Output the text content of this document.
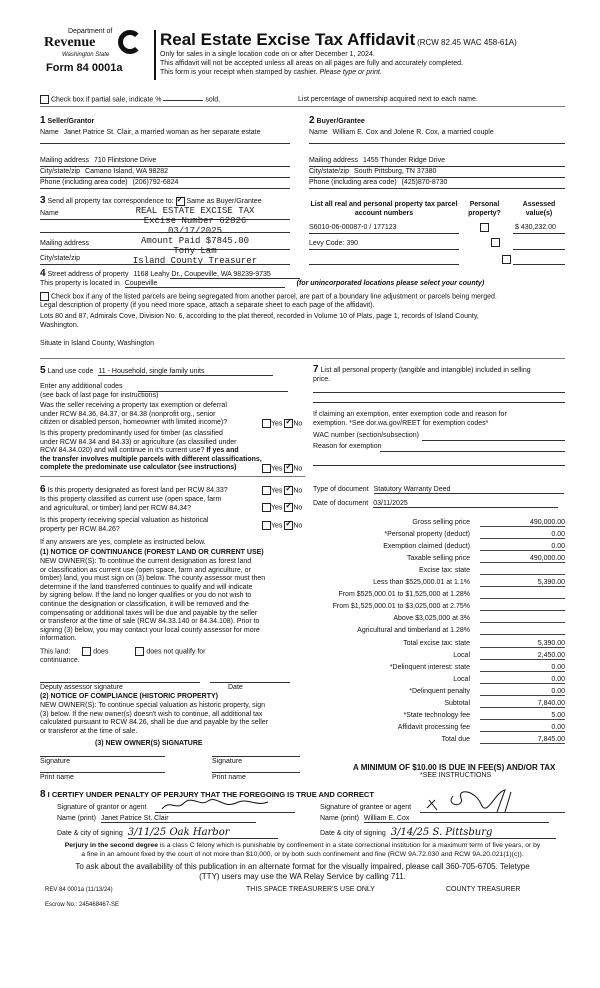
Department of
Revenue
Washington State
Form 84 0001a
Real Estate Excise Tax Affidavit (RCW 82.45 WAC 458-61A)
Only for sales in a single location code on or after December 1, 2024.
This affidavit will not be accepted unless all areas on all pages are fully and accurately completed.
This form is your receipt when stamped by cashier. Please type or print.
Check box if partial sale, indicate %	sold.	List percentage of ownership acquired next to each name.
1 Seller/Grantor
Name Janet Patrice St. Clair, a married woman as her separate estate
Mailing address 710 Flintstone Drive
City/state/zip Camano Island, WA 98282
Phone (including area code) (206)792-6824
2 Buyer/Grantee
Name William E. Cox and Jolene R. Cox, a married couple
Mailing address 1455 Thunder Ridge Drive
City/state/zip South Pittsburg, TN 37380
Phone (including area code) (425)870-8730
3 Send all property tax correspondence to: ✓ Same as Buyer/Grantee
Name
Mailing address
City/state/zip
REAL ESTATE EXCISE TAX
Excise Number 62826
03/17/2025
Amount Paid $7845.00
Tony Lam
Island County Treasurer
List all real and personal property tax parcel account numbers
Personal property?
Assessed value(s)
S6010-06-00087-0 / 177123
	$ 430,232.00
Levy Code: 390

4 Street address of property 1168 Leahy Dr., Coupeville, WA 98239-9735
This property is located in Coupeville	(for unincorporated locations please select your county)
Check box if any of the listed parcels are being segregated from another parcel, are part of a boundary line adjustment or parcels being merged.
Legal description of property (if you need more space, attach a separate sheet to each page of the affidavit).
Lots 80 and 87, Admirals Cove, Division No. 6, according to the plat thereof, recorded in Volume 10 of Plats, page 1, records of Island County,
Washington.
Situate in Island County, Washington
5 Land use code 11 - Household, single family units
Enter any additional codes
(see back of last page for instructions)
Was the seller receiving a property tax exemption or deferral
under RCW 84.36, 84.37, or 84.38 (nonprofit org., senior
citizen or disabled person, homeowner with limited income)?	Yes ✓ No
Is this property predominantly used for timber (as classified
under RCW 84.34 and 84.33) or agriculture (as classified under
RCW 84.34.020) and will continue in it's current use? If yes and
the transfer involves multiple parcels with different classifications,
complete the predominate use calculator (see instructions)	Yes ✓ No
7 List all personal property (tangible and intangible) included in selling
price.
If claiming an exemption, enter exemption code and reason for
exemption. *See dor.wa.gov/REET for exemption codes*
WAC number (section/subsection)
Reason for exemption
6 Is this property designated as forest land per RCW 84.33?	Yes ✓ No
Is this property classified as current use (open space, farm
and agricultural, or timber) land per RCW 84.34?	Yes ✓ No
Is this property receiving special valuation as historical
property per RCW 84.26?	Yes ✓ No
If any answers are yes, complete as instructed below.
(1) NOTICE OF CONTINUANCE (FOREST LAND OR CURRENT USE)
NEW OWNER(S): To continue the current designation as forest land
or classification as current use (open space, farm and agriculture, or
timber) land, you must sign on (3) below. The county assessor must then
determine if the land transferred continues to qualify and will indicate
by signing below. If the land no longer qualifies or you do not wish to
continue the designation or classification, it will be removed and the
compensating or additional taxes will be due and payable by the seller
or transferor at the time of sale (RCW 84.33.140 or 84.34.108). Prior to
signing (3) below, you may contact your local county assessor for more
information.
This land:	does	does not qualify for
continuance.
Deputy assessor signature	Date
(2) NOTICE OF COMPLIANCE (HISTORIC PROPERTY)
NEW OWNER(S): To continue special valuation as historic property, sign
(3) below. If the new owner(s) doesn't wish to continue, all additional tax
calculated pursuant to RCW 84.26, shall be due and payable by the seller
or transferor at the time of sale.
(3) NEW OWNER(S) SIGNATURE
Signature	Signature
Print name	Print name
Type of document Statutory Warranty Deed
Date of document 03/11/2025
Gross selling price	490,000.00
*Personal property (deduct)	0.00
Exemption claimed (deduct)	0.00
Taxable selling price	490,000.00
Excise tax: state

Less than $525,000.01 at 1.1%	5,390.00
From $525,000.01 to $1,525,000 at 1.28%

From $1,525,000.01 to $3,025,000 at 2.75%

Above $3,025,000 at 3%

Agricultural and timberland at 1.28%

Total excise tax: state	5,390.00
Local	2,450.00
*Delinquent interest: state	0.00
Local	0.00
*Delinquent penalty	0.00
Subtotal	7,840.00
*State technology fee	5.00
Affidavit processing fee	0.00
Total due	7,845.00
A MINIMUM OF $10.00 IS DUE IN FEE(S) AND/OR TAX
*SEE INSTRUCTIONS
8 I CERTIFY UNDER PENALTY OF PERJURY THAT THE FOREGOING IS TRUE AND CORRECT
Signature of grantor or agent
Name (print) Janet Patrice St. Clair
Date & city of signing 3/11/25 Oak Harbor
Signature of grantee or agent
Name (print) William E. Cox
Date & city of signing 3/14/25 S. Pittsburg
Perjury in the second degree is a class C felony which is punishable by confinement in a state correctional institution for a maximum term of five years, or by
a fine in an amount fixed by the court of not more than $10,000, or by both such confinement and fine (RCW 9A.72.030 and RCW 9A.20.021(1)(c)).
To ask about the availability of this publication in an alternate format for the visually impaired, please call 360-705-6705. Teletype
(TTY) users may use the WA Relay Service by calling 711.
REV 84 0001a (11/13/24)	THIS SPACE TREASURER'S USE ONLY	COUNTY TREASURER
Escrow No.: 245468467-SE
